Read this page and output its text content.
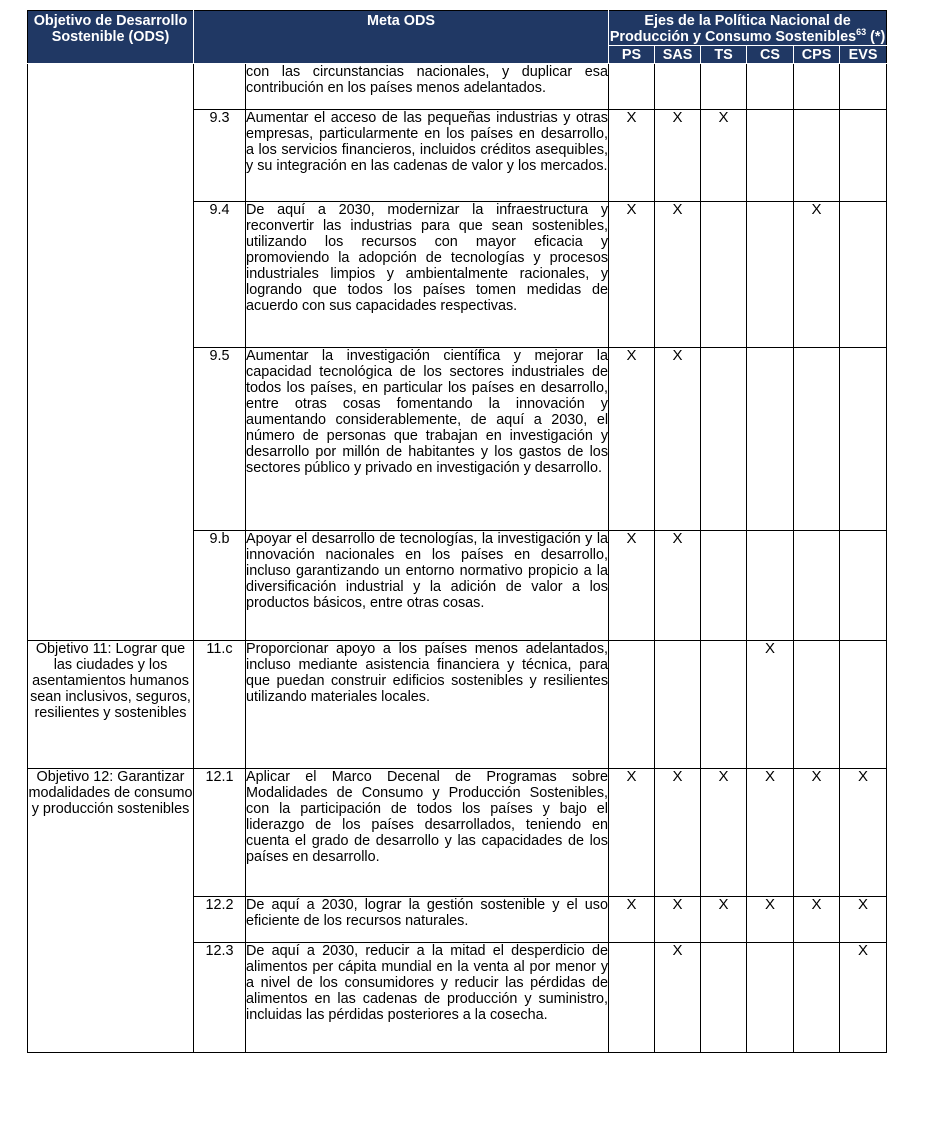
Objetivo de Desarrollo Sostenible (ODS)	Meta ODS		Ejes de la Política Nacional de Producción y Consumo Sostenibles$^{63}$ (*)					
			PS	SAS	TS	CS	CPS	EVS
		con las circunstancias nacionales, y duplicar esa contribución en los países menos adelantados.						
	9.3	Aumentar el acceso de las pequeñas industrias y otras empresas, particularmente en los países en desarrollo, a los servicios financieros, incluidos créditos asequibles, y su integración en las cadenas de valor y los mercados.	X	X	X			
	9.4	De aquí a 2030, modernizar la infraestructura y reconvertir las industrias para que sean sostenibles, utilizando los recursos con mayor eficacia y promoviendo la adopción de tecnologías y procesos industriales limpios y ambientalmente racionales, y logrando que todos los países tomen medidas de acuerdo con sus capacidades respectivas.	X	X			X	
	9.5	Aumentar la investigación científica y mejorar la capacidad tecnológica de los sectores industriales de todos los países, en particular los países en desarrollo, entre otras cosas fomentando la innovación y aumentando considerablemente, de aquí a 2030, el número de personas que trabajan en investigación y desarrollo por millón de habitantes y los gastos de los sectores público y privado en investigación y desarrollo.	X	X				
	9.b	Apoyar el desarrollo de tecnologías, la investigación y la innovación nacionales en los países en desarrollo, incluso garantizando un entorno normativo propicio a la diversificación industrial y la adición de valor a los productos básicos, entre otras cosas.	X	X				
Objetivo 11: Lograr que las ciudades y los asentamientos humanos sean inclusivos, seguros, resilientes y sostenibles	11.c	Proporcionar apoyo a los países menos adelantados, incluso mediante asistencia financiera y técnica, para que puedan construir edificios sostenibles y resilientes utilizando materiales locales.				X		
Objetivo 12: Garantizar modalidades de consumo y producción sostenibles	12.1	Aplicar el Marco Decenal de Programas sobre Modalidades de Consumo y Producción Sostenibles, con la participación de todos los países y bajo el liderazgo de los países desarrollados, teniendo en cuenta el grado de desarrollo y las capacidades de los países en desarrollo.	X	X	X	X	X	X
	12.2	De aquí a 2030, lograr la gestión sostenible y el uso eficiente de los recursos naturales.	X	X	X	X	X	X
	12.3	De aquí a 2030, reducir a la mitad el desperdicio de alimentos per cápita mundial en la venta al por menor y a nivel de los consumidores y reducir las pérdidas de alimentos en las cadenas de producción y suministro, incluidas las pérdidas posteriores a la cosecha.		X				X
